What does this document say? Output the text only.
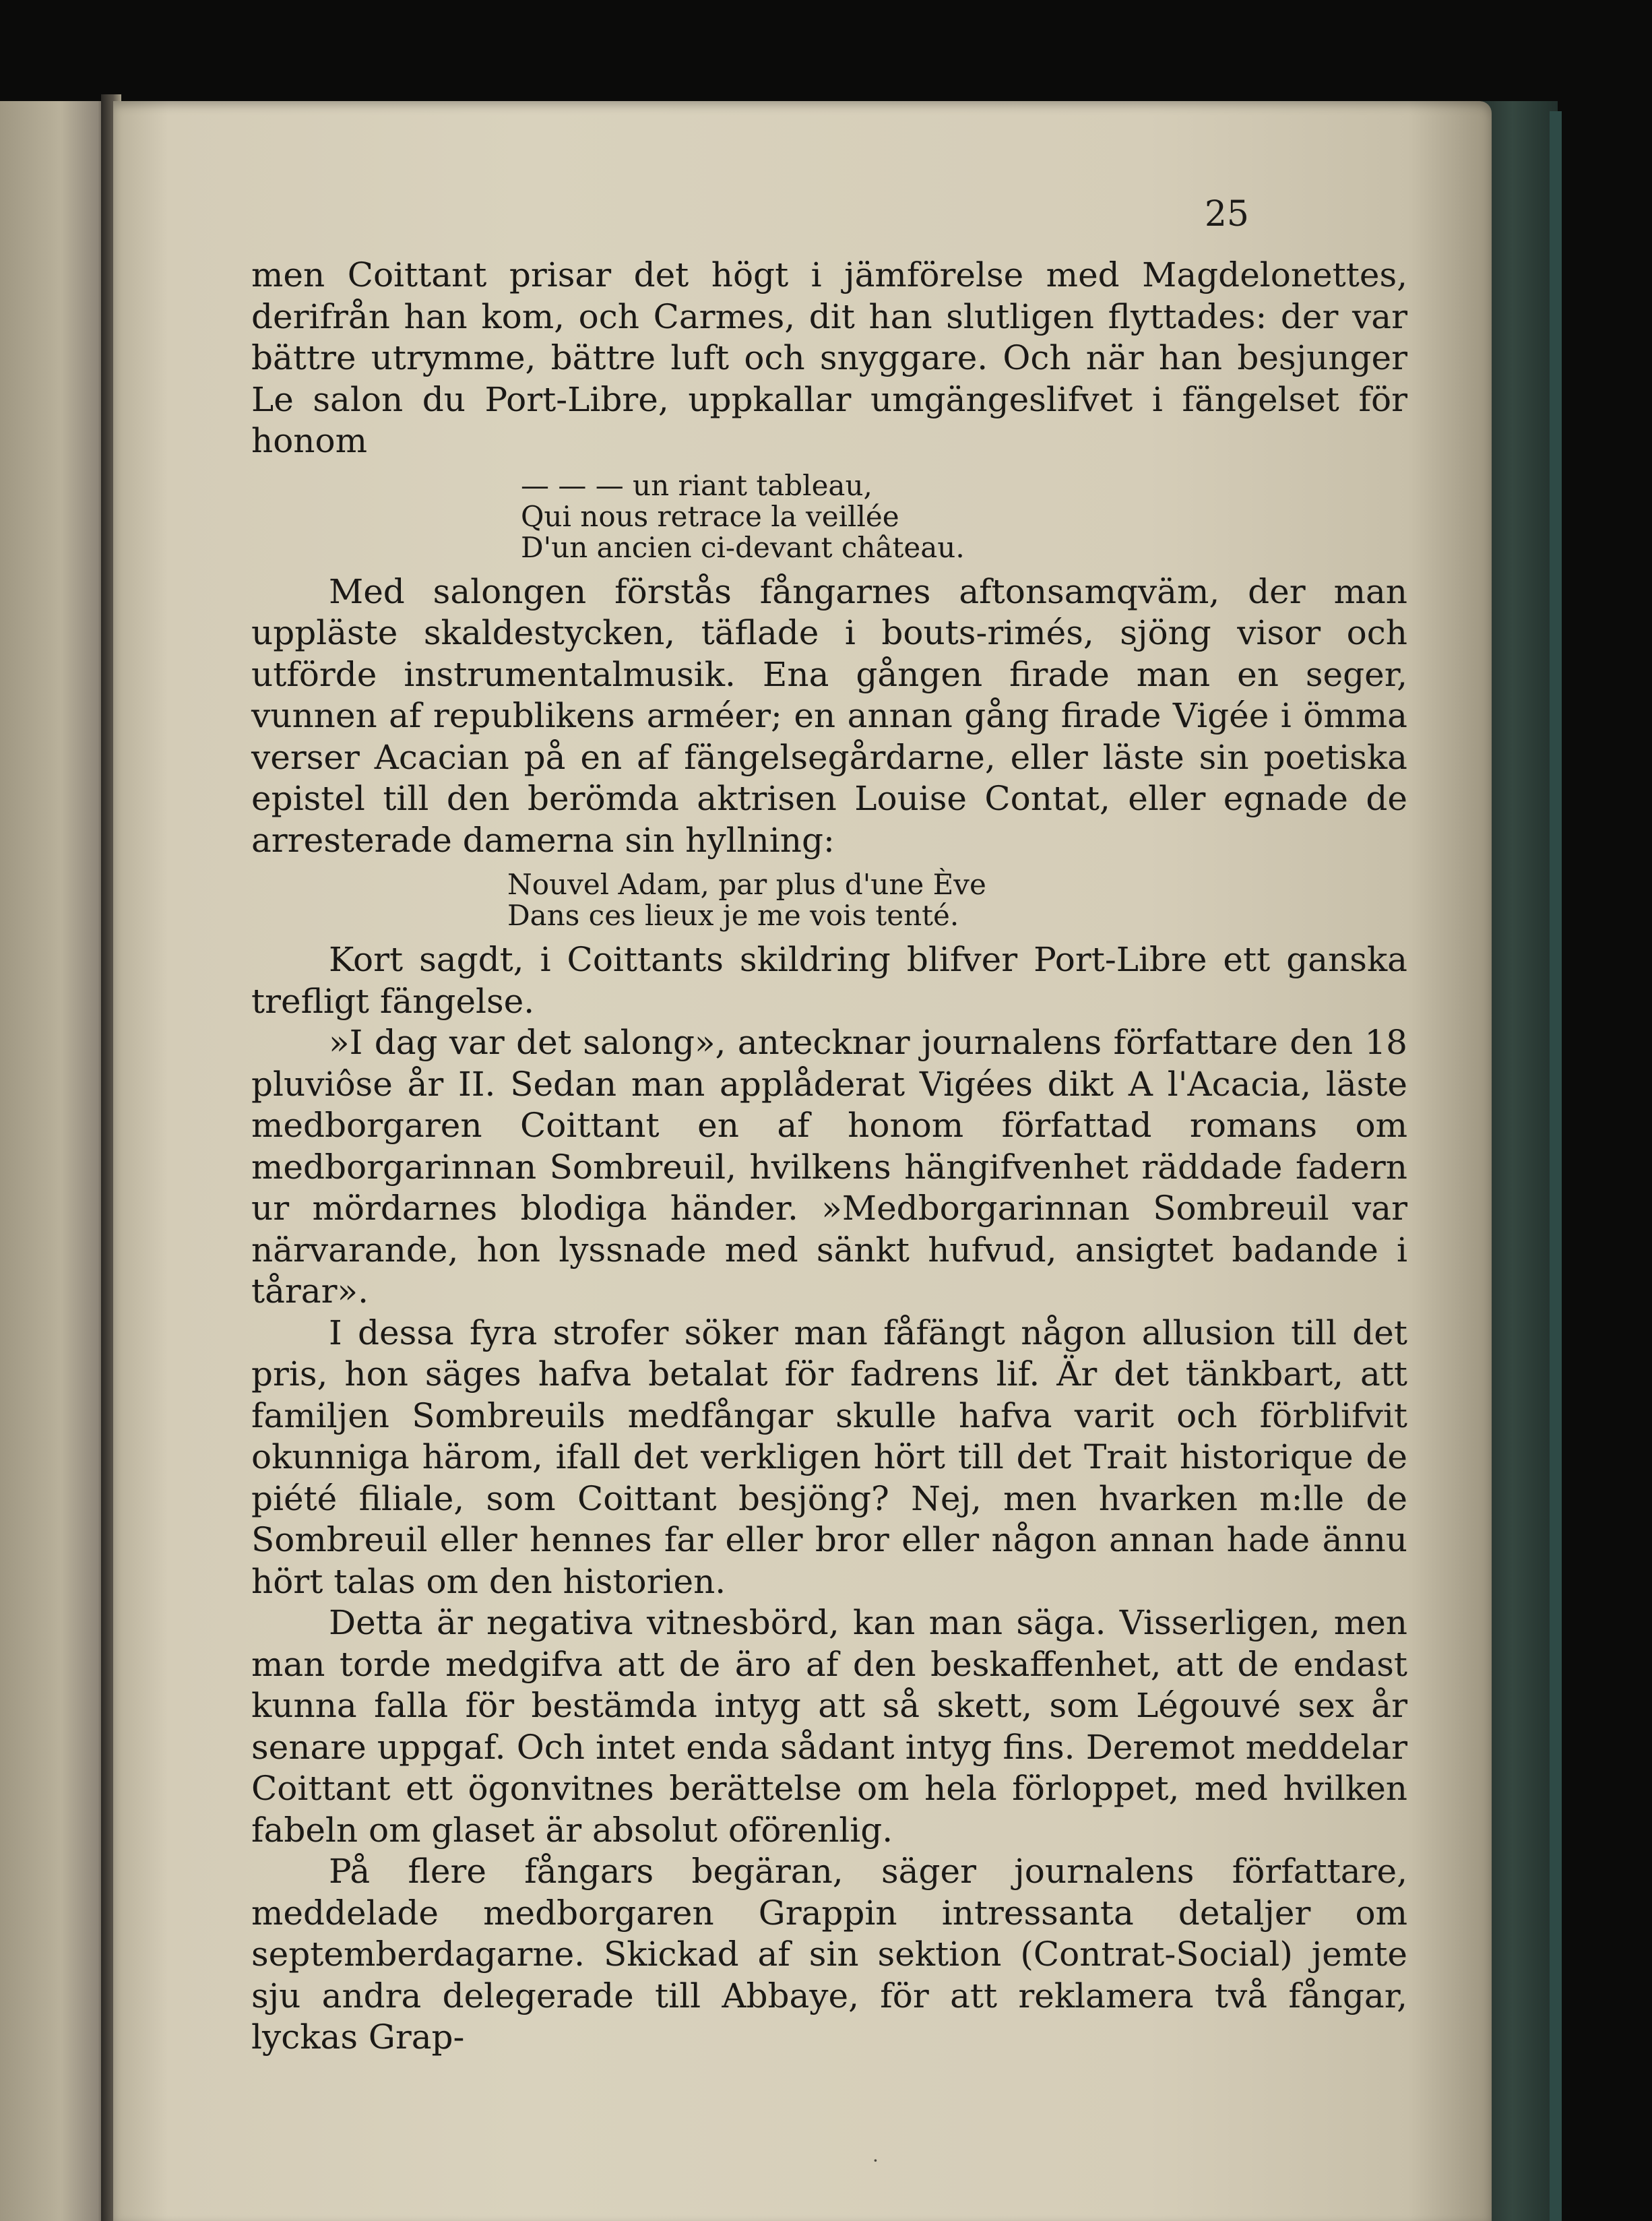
25

men Coittant prisar det högt i jämförelse med Magdelonettes, derifrån han kom, och Carmes, dit han slutligen flyttades: der var bättre utrymme, bättre luft och snyggare. Och när han besjunger Le salon du Port-Libre, uppkallar umgängeslifvet i fängelset för honom

— — — un riant tableau,
Qui nous retrace la veillée
D'un ancien ci-devant château.

Med salongen förstås fångarnes aftonsamqväm, der man uppläste skaldestycken, täflade i bouts-rimés, sjöng visor och utförde instrumentalmusik. Ena gången firade man en seger, vunnen af republikens arméer; en annan gång firade Vigée i ömma verser Acacian på en af fängelsegårdarne, eller läste sin poetiska epistel till den berömda aktrisen Louise Contat, eller egnade de arresterade damerna sin hyllning:

Nouvel Adam, par plus d'une Ève
Dans ces lieux je me vois tenté.

Kort sagdt, i Coittants skildring blifver Port-Libre ett ganska trefligt fängelse.

»I dag var det salong», antecknar journalens författare den 18 pluviôse år II. Sedan man applåderat Vigées dikt A l'Acacia, läste medborgaren Coittant en af honom författad romans om medborgarinnan Sombreuil, hvilkens hängifvenhet räddade fadern ur mördarnes blodiga händer. »Medborgarinnan Sombreuil var närvarande, hon lyssnade med sänkt hufvud, ansigtet badande i tårar».

I dessa fyra strofer söker man fåfängt någon allusion till det pris, hon säges hafva betalat för fadrens lif. Är det tänkbart, att familjen Sombreuils medfångar skulle hafva varit och förblifvit okunniga härom, ifall det verkligen hört till det Trait historique de piété filiale, som Coittant besjöng? Nej, men hvarken m:lle de Sombreuil eller hennes far eller bror eller någon annan hade ännu hört talas om den historien.

Detta är negativa vitnesbörd, kan man säga. Visserligen, men man torde medgifva att de äro af den beskaffenhet, att de endast kunna falla för bestämda intyg att så skett, som Légouvé sex år senare uppgaf. Och intet enda sådant intyg fins. Deremot meddelar Coittant ett ögonvitnes berättelse om hela förloppet, med hvilken fabeln om glaset är absolut oförenlig.

På flere fångars begäran, säger journalens författare, meddelade medborgaren Grappin intressanta detaljer om septemberdagarne. Skickad af sin sektion (Contrat-Social) jemte sju andra delegerade till Abbaye, för att reklamera två fångar, lyckas Grap-

·
